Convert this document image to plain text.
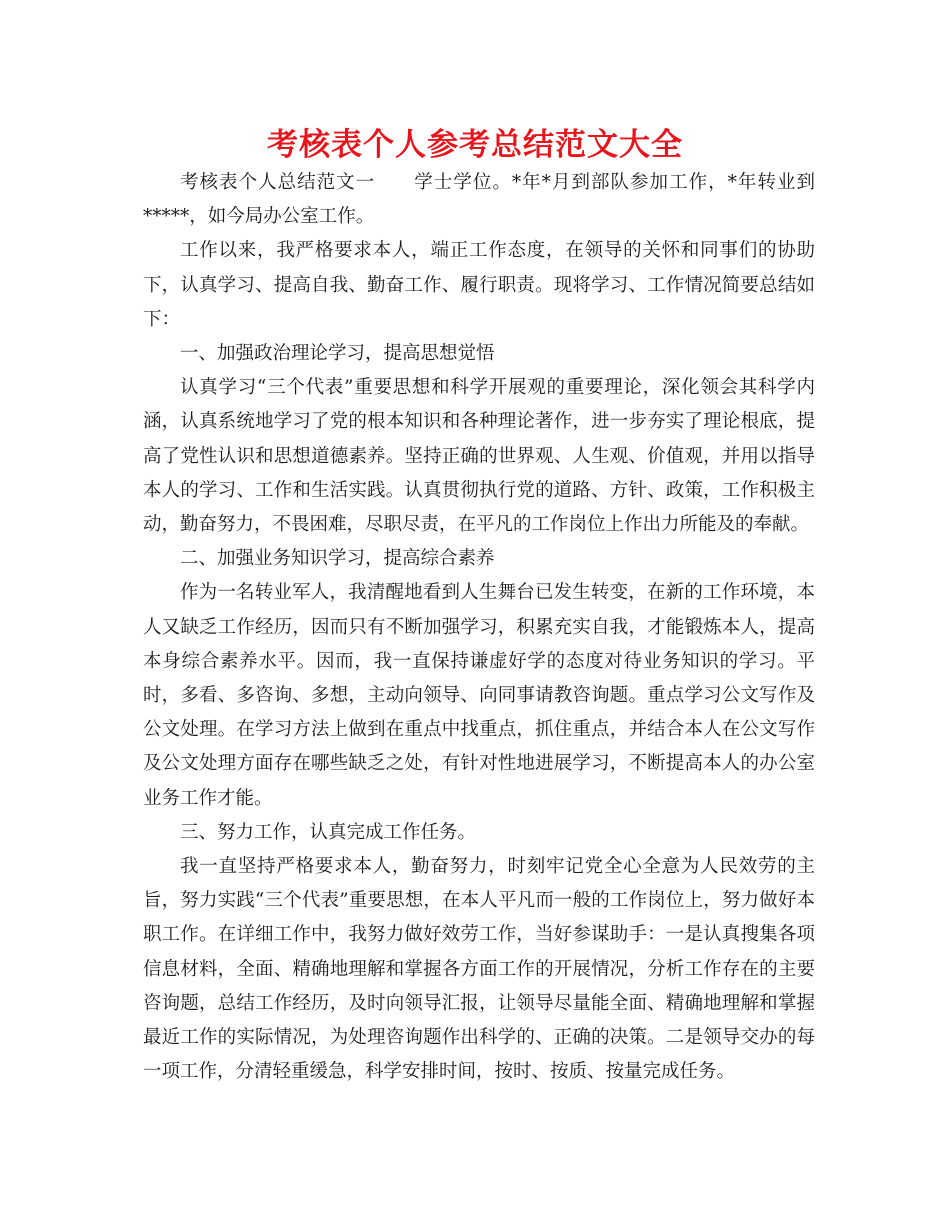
考核表个人参考总结范文大全

考核表个人总结范文一　　学士学位。*年*月到部队参加工作，*年转业到*****，如今局办公室工作。

工作以来，我严格要求本人，端正工作态度，在领导的关怀和同事们的协助下，认真学习、提高自我、勤奋工作、履行职责。现将学习、工作情况简要总结如下：

一、加强政治理论学习，提高思想觉悟

认真学习“三个代表”重要思想和科学开展观的重要理论，深化领会其科学内涵，认真系统地学习了党的根本知识和各种理论著作，进一步夯实了理论根底，提高了党性认识和思想道德素养。坚持正确的世界观、人生观、价值观，并用以指导本人的学习、工作和生活实践。认真贯彻执行党的道路、方针、政策，工作积极主动，勤奋努力，不畏困难，尽职尽责，在平凡的工作岗位上作出力所能及的奉献。

二、加强业务知识学习，提高综合素养

作为一名转业军人，我清醒地看到人生舞台已发生转变，在新的工作环境，本人又缺乏工作经历，因而只有不断加强学习，积累充实自我，才能锻炼本人，提高本身综合素养水平。因而，我一直保持谦虚好学的态度对待业务知识的学习。平时，多看、多咨询、多想，主动向领导、向同事请教咨询题。重点学习公文写作及公文处理。在学习方法上做到在重点中找重点，抓住重点，并结合本人在公文写作及公文处理方面存在哪些缺乏之处，有针对性地进展学习，不断提高本人的办公室业务工作才能。

三、努力工作，认真完成工作任务。

我一直坚持严格要求本人，勤奋努力，时刻牢记党全心全意为人民效劳的主旨，努力实践“三个代表”重要思想，在本人平凡而一般的工作岗位上，努力做好本职工作。在详细工作中，我努力做好效劳工作，当好参谋助手：一是认真搜集各项信息材料，全面、精确地理解和掌握各方面工作的开展情况，分析工作存在的主要咨询题，总结工作经历，及时向领导汇报，让领导尽量能全面、精确地理解和掌握最近工作的实际情况，为处理咨询题作出科学的、正确的决策。二是领导交办的每一项工作，分清轻重缓急，科学安排时间，按时、按质、按量完成任务。
